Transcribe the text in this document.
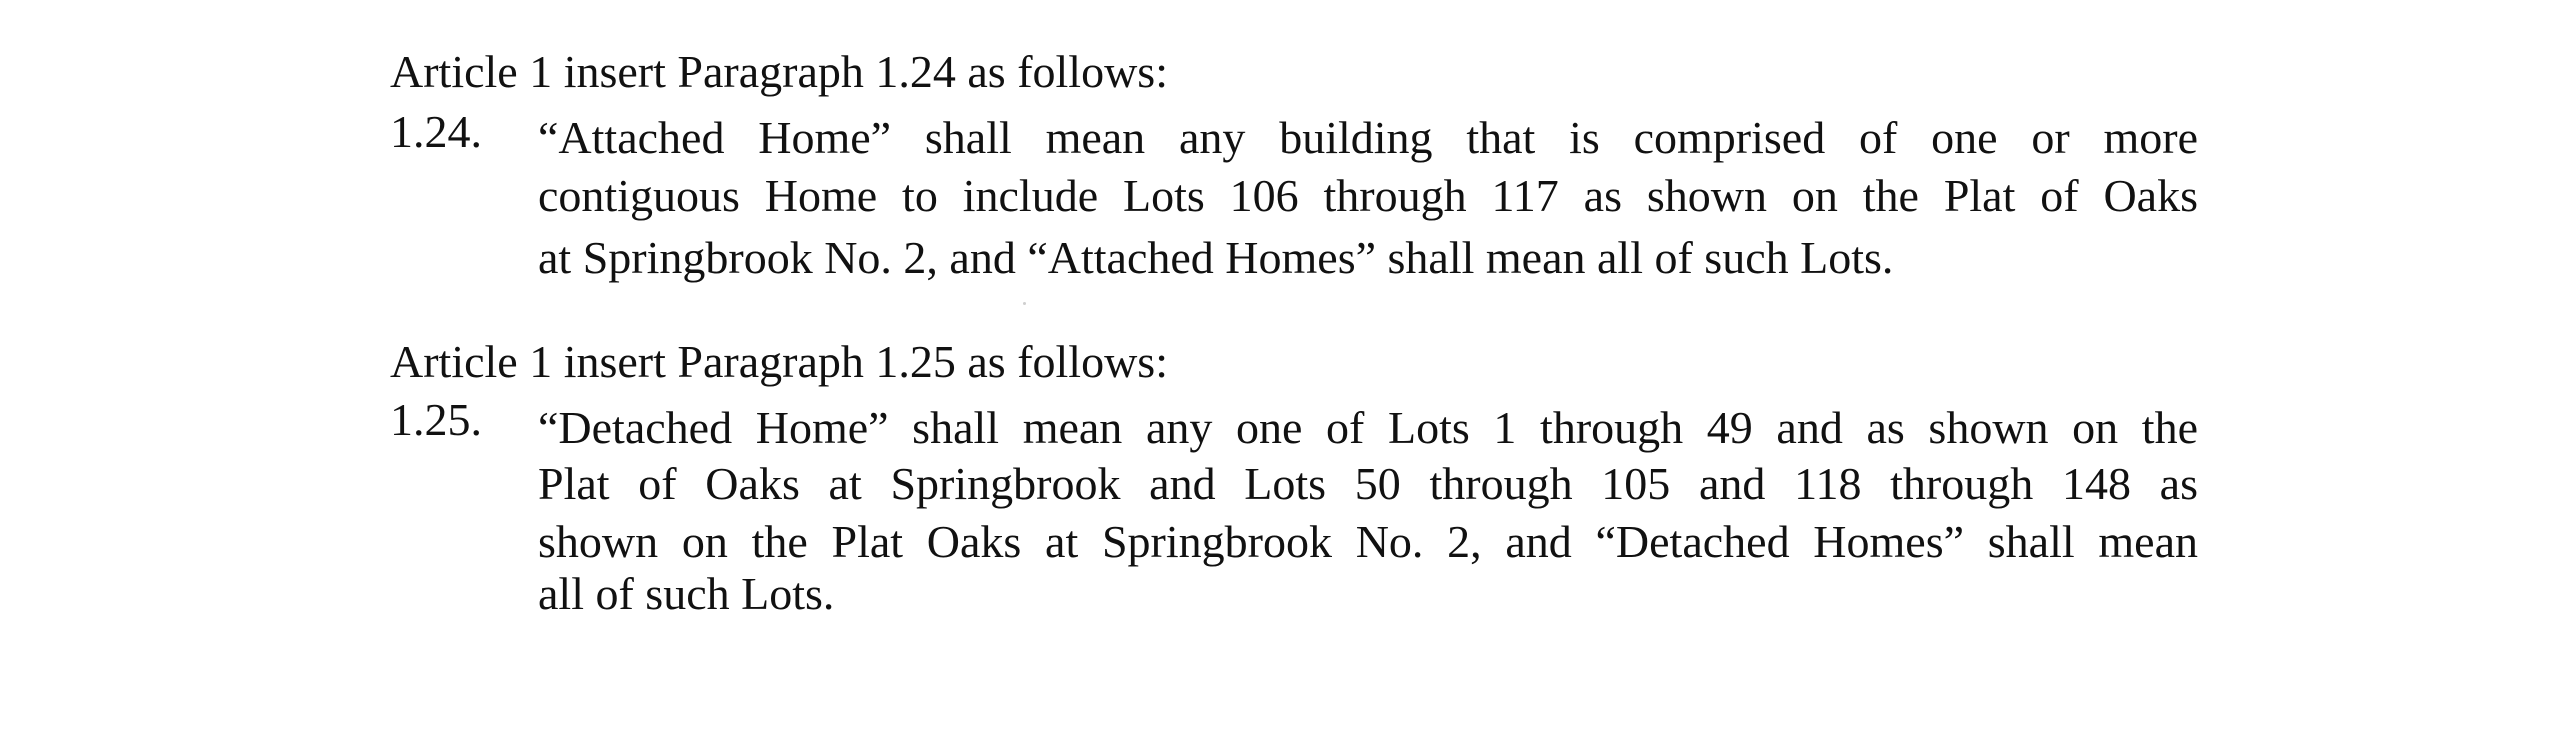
Article 1 insert Paragraph 1.24 as follows:
1.24. “Attached Home” shall mean any building that is comprised of one or more
contiguous Home to include Lots 106 through 117 as shown on the Plat of Oaks
at Springbrook No. 2, and “Attached Homes” shall mean all of such Lots.
Article 1 insert Paragraph 1.25 as follows:
1.25. “Detached Home” shall mean any one of Lots 1 through 49 and as shown on the
Plat of Oaks at Springbrook and Lots 50 through 105 and 118 through 148 as
shown on the Plat Oaks at Springbrook No. 2, and “Detached Homes” shall mean
all of such Lots.
